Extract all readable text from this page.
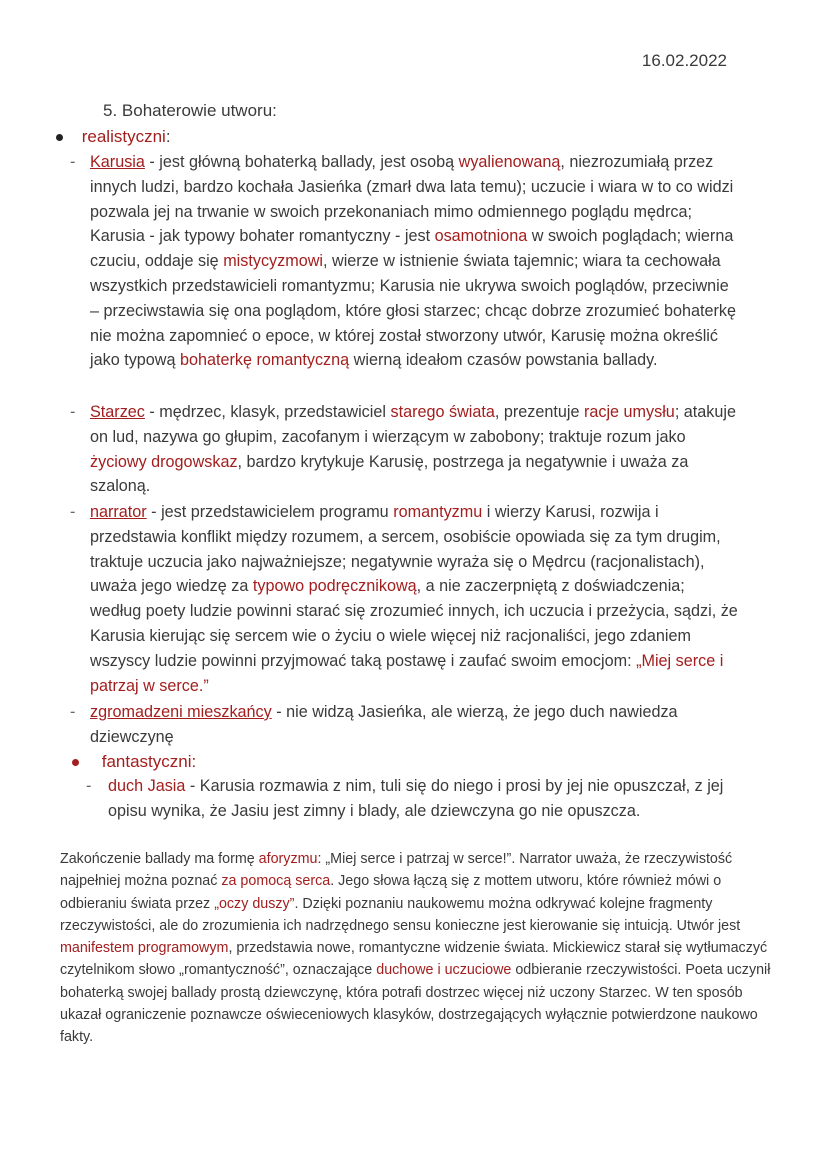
16.02.2022
5. Bohaterowie utworu:
realistyczni:
- Karusia - jest główną bohaterką ballady, jest osobą wyalienowaną, niezrozumiałą przez innych ludzi, bardzo kochała Jasieńka (zmarł dwa lata temu); uczucie i wiara w to co widzi pozwala jej na trwanie w swoich przekonaniach mimo odmiennego poglądu mędrca; Karusia - jak typowy bohater romantyczny - jest osamotniona w swoich poglądach; wierna czuciu, oddaje się mistycyzmowi, wierze w istnienie świata tajemnic; wiara ta cechowała wszystkich przedstawicieli romantyzmu; Karusia nie ukrywa swoich poglądów, przeciwnie – przeciwstawia się ona poglądom, które głosi starzec; chcąc dobrze zrozumieć bohaterkę nie można zapomnieć o epoce, w której został stworzony utwór, Karusię można określić jako typową bohaterkę romantyczną wierną ideałom czasów powstania ballady.
- Starzec - mędrzec, klasyk, przedstawiciel starego świata, prezentuje racje umysłu; atakuje on lud, nazywa go głupim, zacofanym i wierzącym w zabobony; traktuje rozum jako życiowy drogowskaz, bardzo krytykuje Karusię, postrzega ja negatywnie i uważa za szaloną.
- narrator - jest przedstawicielem programu romantyzmu i wierzy Karusi, rozwija i przedstawia konflikt między rozumem, a sercem, osobiście opowiada się za tym drugim, traktuje uczucia jako najważniejsze; negatywnie wyraża się o Mędrcu (racjonalistach), uważa jego wiedzę za typowo podręcznikową, a nie zaczerpniętą z doświadczenia; według poety ludzie powinni starać się zrozumieć innych, ich uczucia i przeżycia, sądzi, że Karusia kierując się sercem wie o życiu o wiele więcej niż racjonaliści, jego zdaniem wszyscy ludzie powinni przyjmować taką postawę i zaufać swoim emocjom: „Miej serce i patrzaj w serce.”
- zgromadzeni mieszkańcy - nie widzą Jasieńka, ale wierzą, że jego duch nawiedza dziewczynę
fantastyczni:
- duch Jasia - Karusia rozmawia z nim, tuli się do niego i prosi by jej nie opuszczał, z jej opisu wynika, że Jasiu jest zimny i blady, ale dziewczyna go nie opuszcza.
Zakończenie ballady ma formę aforyzmu: „Miej serce i patrzaj w serce!”. Narrator uważa, że rzeczywistość najpełniej można poznać za pomocą serca. Jego słowa łączą się z mottem utworu, które również mówi o odbieraniu świata przez „oczy duszy”. Dzięki poznaniu naukowemu można odkrywać kolejne fragmenty rzeczywistości, ale do zrozumienia ich nadrzędnego sensu konieczne jest kierowanie się intuicją. Utwór jest manifestem programowym, przedstawia nowe, romantyczne widzenie świata. Mickiewicz starał się wytłumaczyć czytelnikom słowo „romantyczność”, oznaczające duchowe i uczuciowe odbieranie rzeczywistości. Poeta uczynił bohaterką swojej ballady prostą dziewczynę, która potrafi dostrzec więcej niż uczony Starzec. W ten sposób ukazał ograniczenie poznawcze oświeceniowych klasyków, dostrzegających wyłącznie potwierdzone naukowo fakty.
